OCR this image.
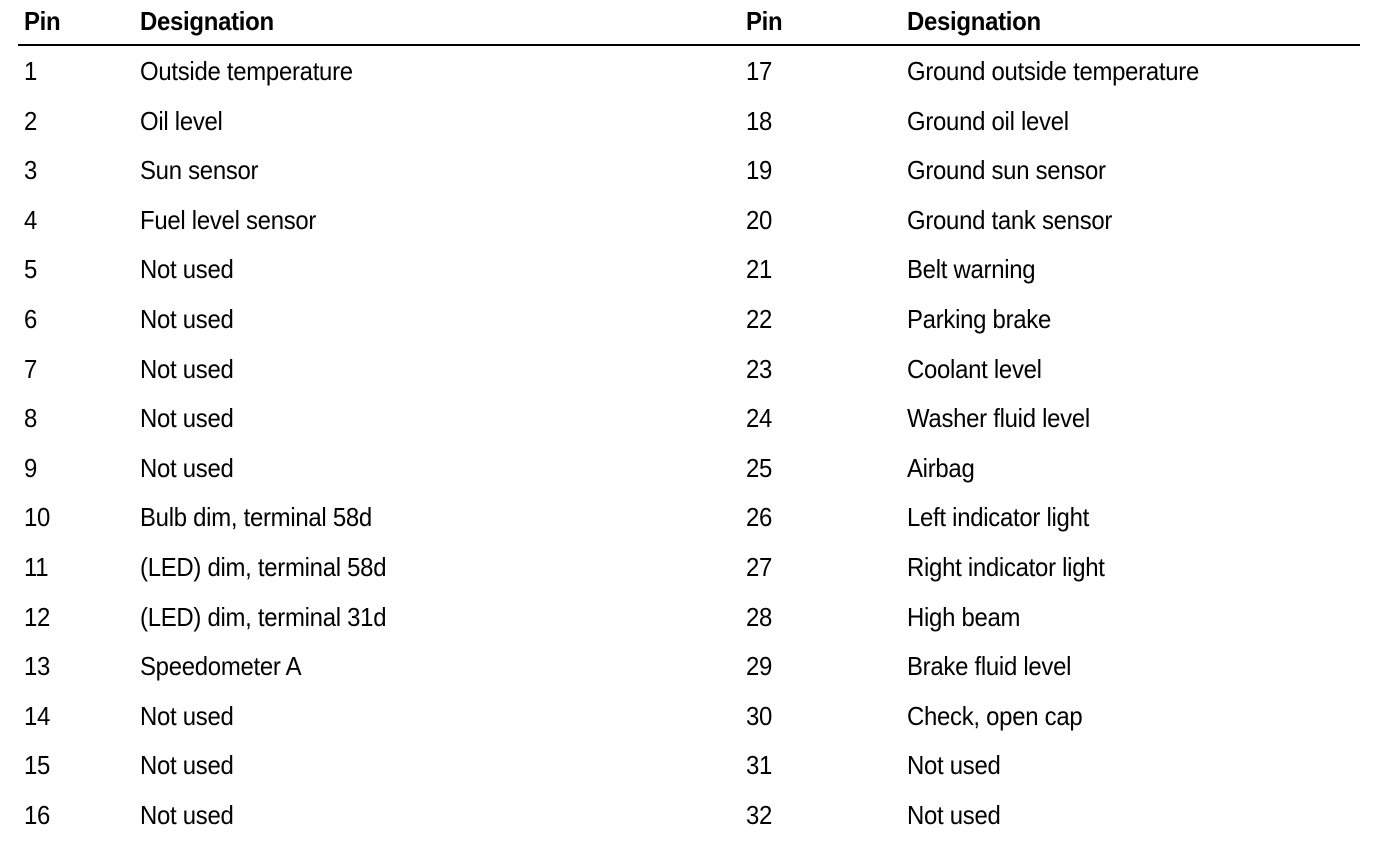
Pin	Designation	Pin	Designation
1	Outside temperature	17	Ground outside temperature
2	Oil level	18	Ground oil level
3	Sun sensor	19	Ground sun sensor
4	Fuel level sensor	20	Ground tank sensor
5	Not used	21	Belt warning
6	Not used	22	Parking brake
7	Not used	23	Coolant level
8	Not used	24	Washer fluid level
9	Not used	25	Airbag
10	Bulb dim, terminal 58d	26	Left indicator light
11	(LED) dim, terminal 58d	27	Right indicator light
12	(LED) dim, terminal 31d	28	High beam
13	Speedometer A	29	Brake fluid level
14	Not used	30	Check, open cap
15	Not used	31	Not used
16	Not used	32	Not used
